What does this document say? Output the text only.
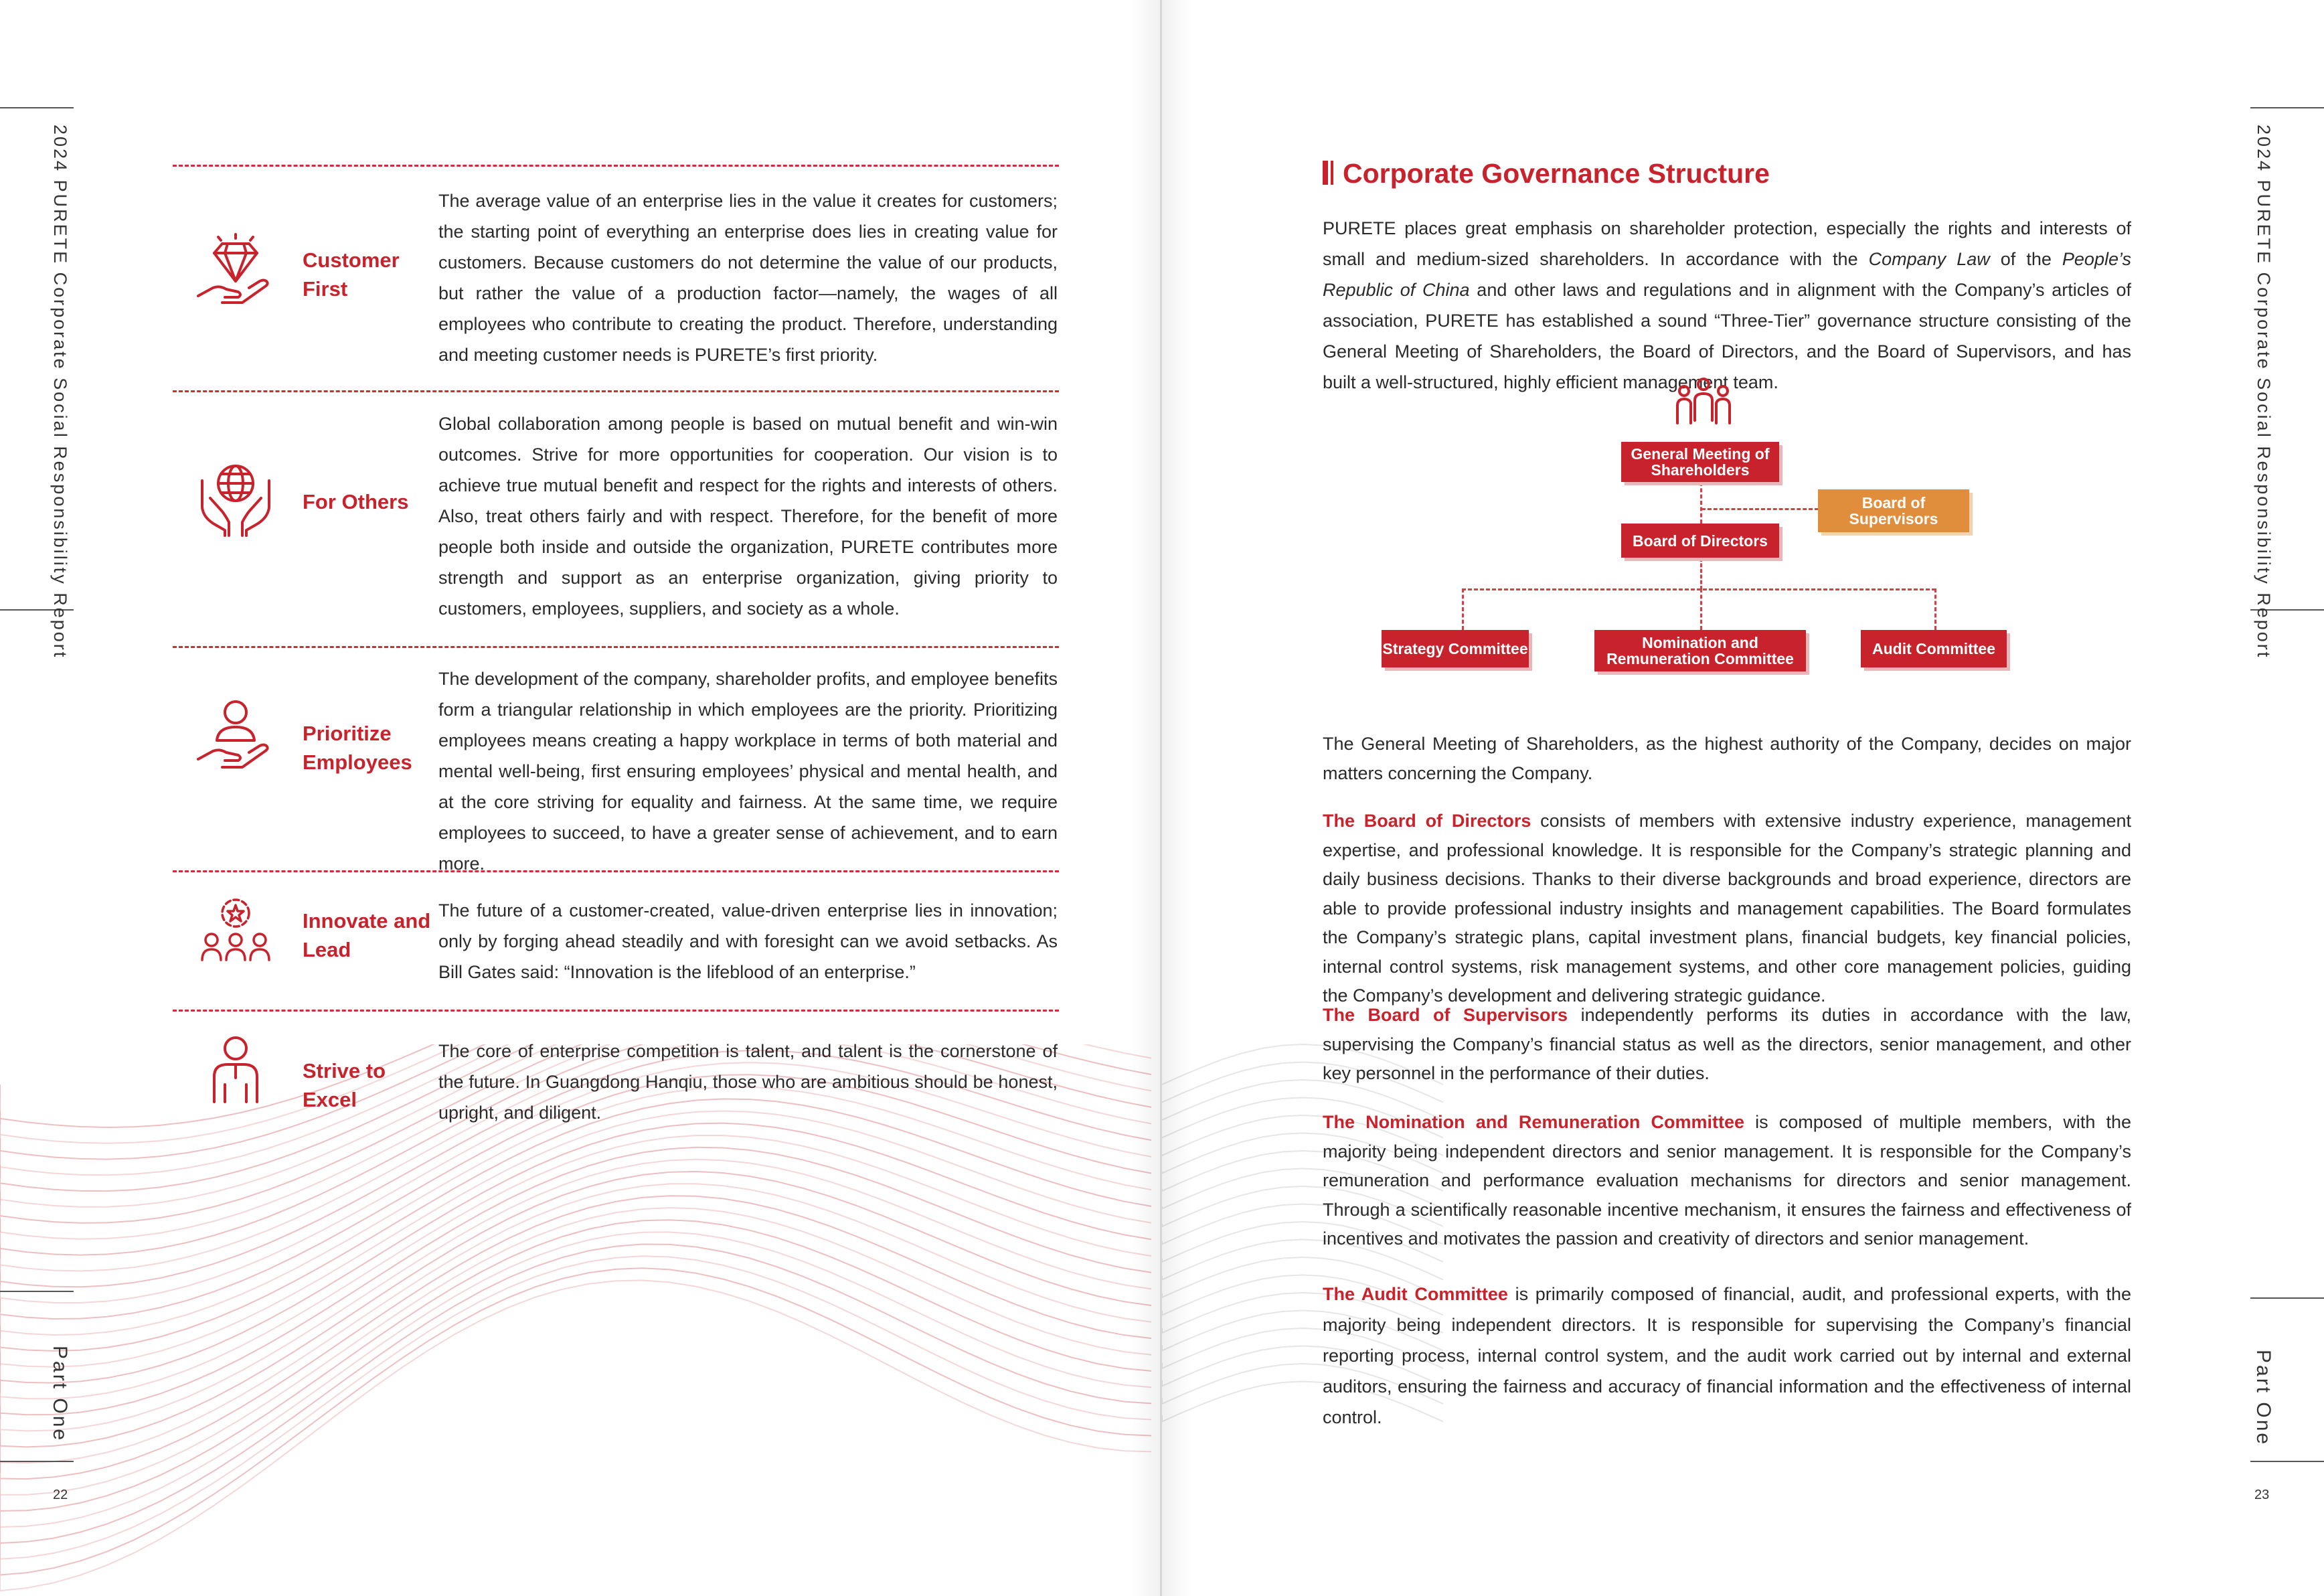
2024 PURETE Corporate Social Responsibility Report
Part One
22
Customer First
The average value of an enterprise lies in the value it creates for customers; the starting point of everything an enterprise does lies in creating value for customers. Because customers do not determine the value of our products, but rather the value of a production factor—namely, the wages of all employees who contribute to creating the product. Therefore, understanding and meeting customer needs is PURETE’s first priority.
For Others
Global collaboration among people is based on mutual benefit and win-win outcomes. Strive for more opportunities for cooperation. Our vision is to achieve true mutual benefit and respect for the rights and interests of others. Also, treat others fairly and with respect. Therefore, for the benefit of more people both inside and outside the organization, PURETE contributes more strength and support as an enterprise organization, giving priority to customers, employees, suppliers, and society as a whole.
Prioritize Employees
The development of the company, shareholder profits, and employee benefits form a triangular relationship in which employees are the priority. Prioritizing employees means creating a happy workplace in terms of both material and mental well-being, first ensuring employees’ physical and mental health, and at the core striving for equality and fairness. At the same time, we require employees to succeed, to have a greater sense of achievement, and to earn more.
Innovate and Lead
The future of a customer-created, value-driven enterprise lies in innovation; only by forging ahead steadily and with foresight can we avoid setbacks. As Bill Gates said: “Innovation is the lifeblood of an enterprise.”
Strive to Excel
The core of enterprise competition is talent, and talent is the cornerstone of the future. In Guangdong Hanqiu, those who are ambitious should be honest, upright, and diligent.
2024 PURETE Corporate Social Responsibility Report
Part One
23
Corporate Governance Structure
PURETE places great emphasis on shareholder protection, especially the rights and interests of small and medium-sized shareholders. In accordance with the Company Law of the People’s Republic of China and other laws and regulations and in alignment with the Company’s articles of association, PURETE has established a sound “Three-Tier” governance structure consisting of the General Meeting of Shareholders, the Board of Directors, and the Board of Supervisors, and has built a well-structured, highly efficient management team.
General Meeting of Shareholders
Board of Supervisors
Board of Directors
Strategy Committee	Nomination and Remuneration Committee
Audit Committee
The General Meeting of Shareholders, as the highest authority of the Company, decides on major matters concerning the Company.
The Board of Directors consists of members with extensive industry experience, management expertise, and professional knowledge. It is responsible for the Company’s strategic planning and daily business decisions. Thanks to their diverse backgrounds and broad experience, directors are able to provide professional industry insights and management capabilities. The Board formulates the Company’s strategic plans, capital investment plans, financial budgets, key financial policies, internal control systems, risk management systems, and other core management policies, guiding the Company’s development and delivering strategic guidance.
The Board of Supervisors independently performs its duties in accordance with the law, supervising the Company’s financial status as well as the directors, senior management, and other key personnel in the performance of their duties.
The Nomination and Remuneration Committee is composed of multiple members, with the majority being independent directors and senior management. It is responsible for the Company’s remuneration and performance evaluation mechanisms for directors and senior management. Through a scientifically reasonable incentive mechanism, it ensures the fairness and effectiveness of incentives and motivates the passion and creativity of directors and senior management.
The Audit Committee is primarily composed of financial, audit, and professional experts, with the majority being independent directors. It is responsible for supervising the Company’s financial reporting process, internal control system, and the audit work carried out by internal and external auditors, ensuring the fairness and accuracy of financial information and the effectiveness of internal control.
